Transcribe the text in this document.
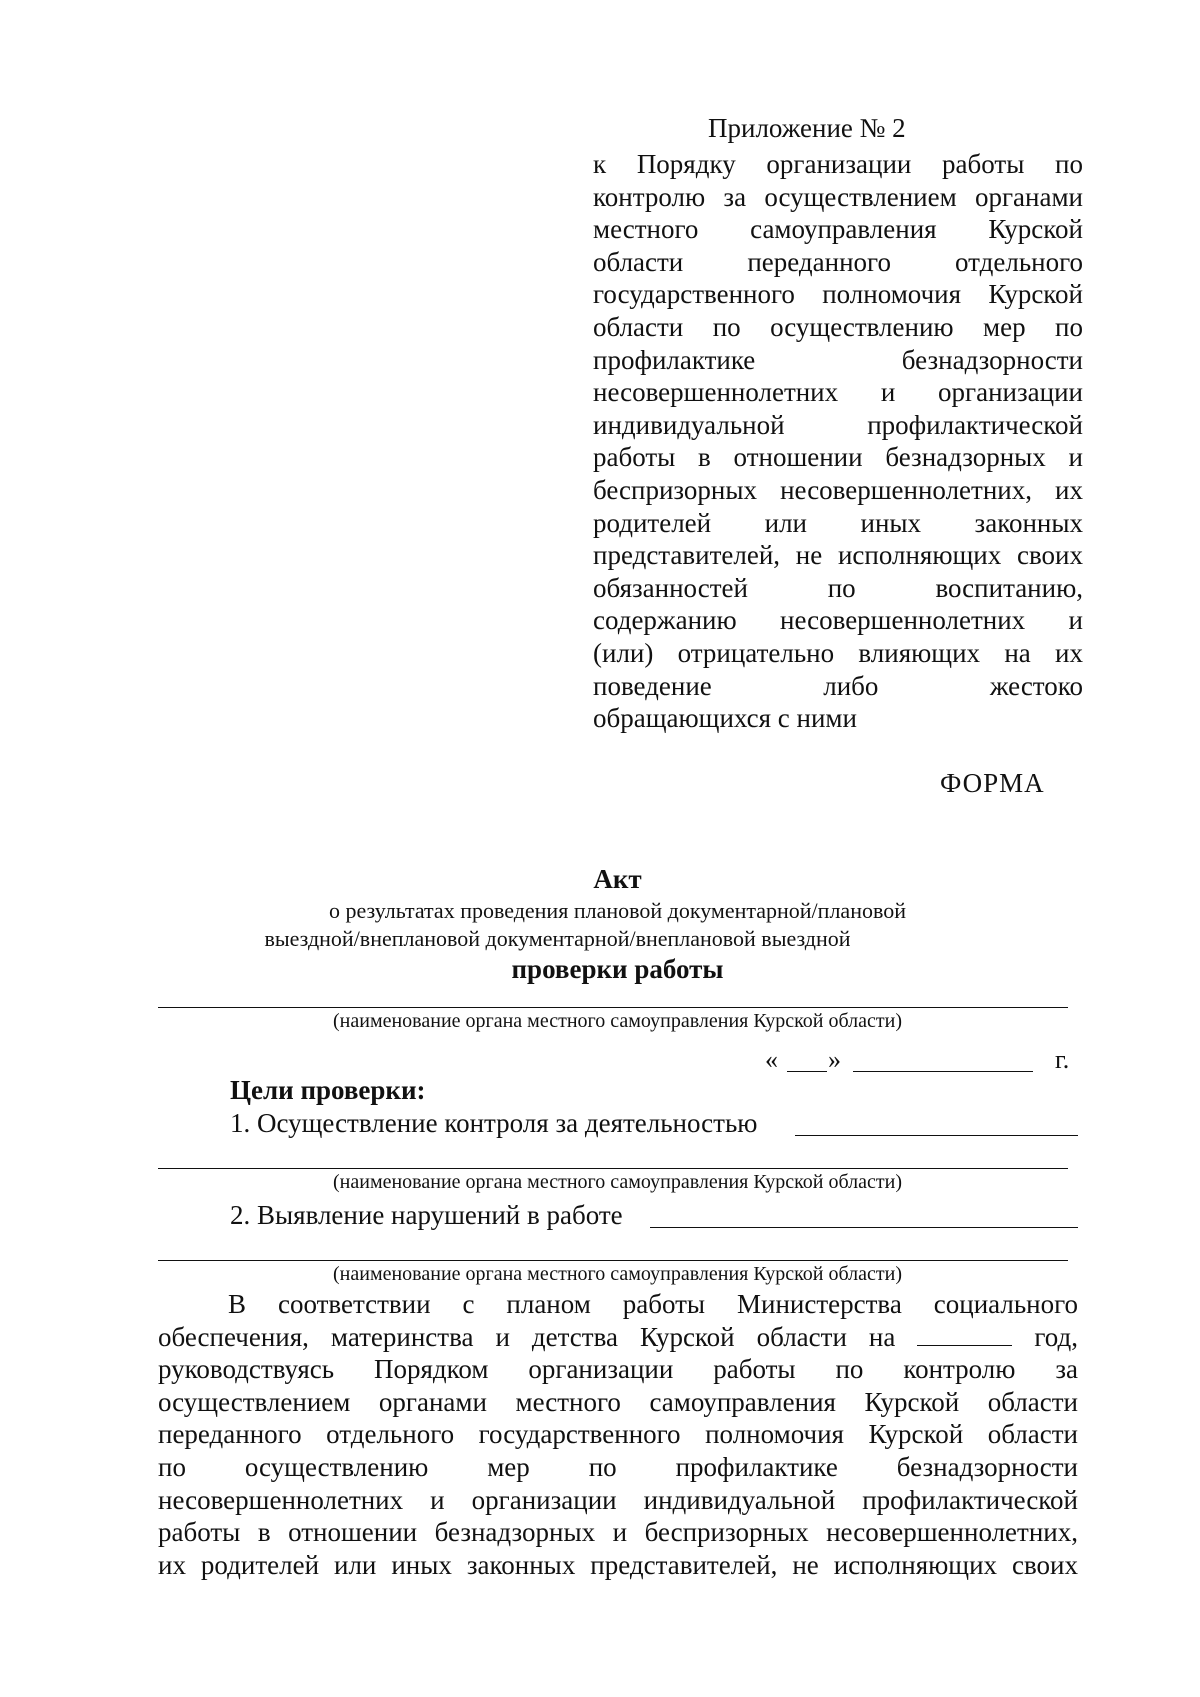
Приложение № 2
к Порядку организации работы по
контролю за осуществлением органами
местного самоуправления Курской
области переданного отдельного
государственного полномочия Курской
области по осуществлению мер по
профилактике безнадзорности
несовершеннолетних и организации
индивидуальной профилактической
работы в отношении безнадзорных и
беспризорных несовершеннолетних, их
родителей или иных законных
представителей, не исполняющих своих
обязанностей по воспитанию,
содержанию несовершеннолетних и
(или) отрицательно влияющих на их
поведение либо жестоко
обращающихся с ними
ФОРМА
Акт
о результатах проведения плановой документарной/плановой
выездной/внеплановой документарной/внеплановой выездной
проверки работы
(наименование органа местного самоуправления Курской области)
« »	г.
Цели проверки:
1. Осуществление контроля за деятельностью
(наименование органа местного самоуправления Курской области)
2. Выявление нарушений в работе
(наименование органа местного самоуправления Курской области)
В соответствии с планом работы Министерства социального
обеспечения, материнства и детства Курской области на	год,
руководствуясь Порядком организации работы по контролю за
осуществлением органами местного самоуправления Курской области
переданного отдельного государственного полномочия Курской области
по осуществлению мер по профилактике безнадзорности
несовершеннолетних и организации индивидуальной профилактической
работы в отношении безнадзорных и беспризорных несовершеннолетних,
их родителей или иных законных представителей, не исполняющих своих
